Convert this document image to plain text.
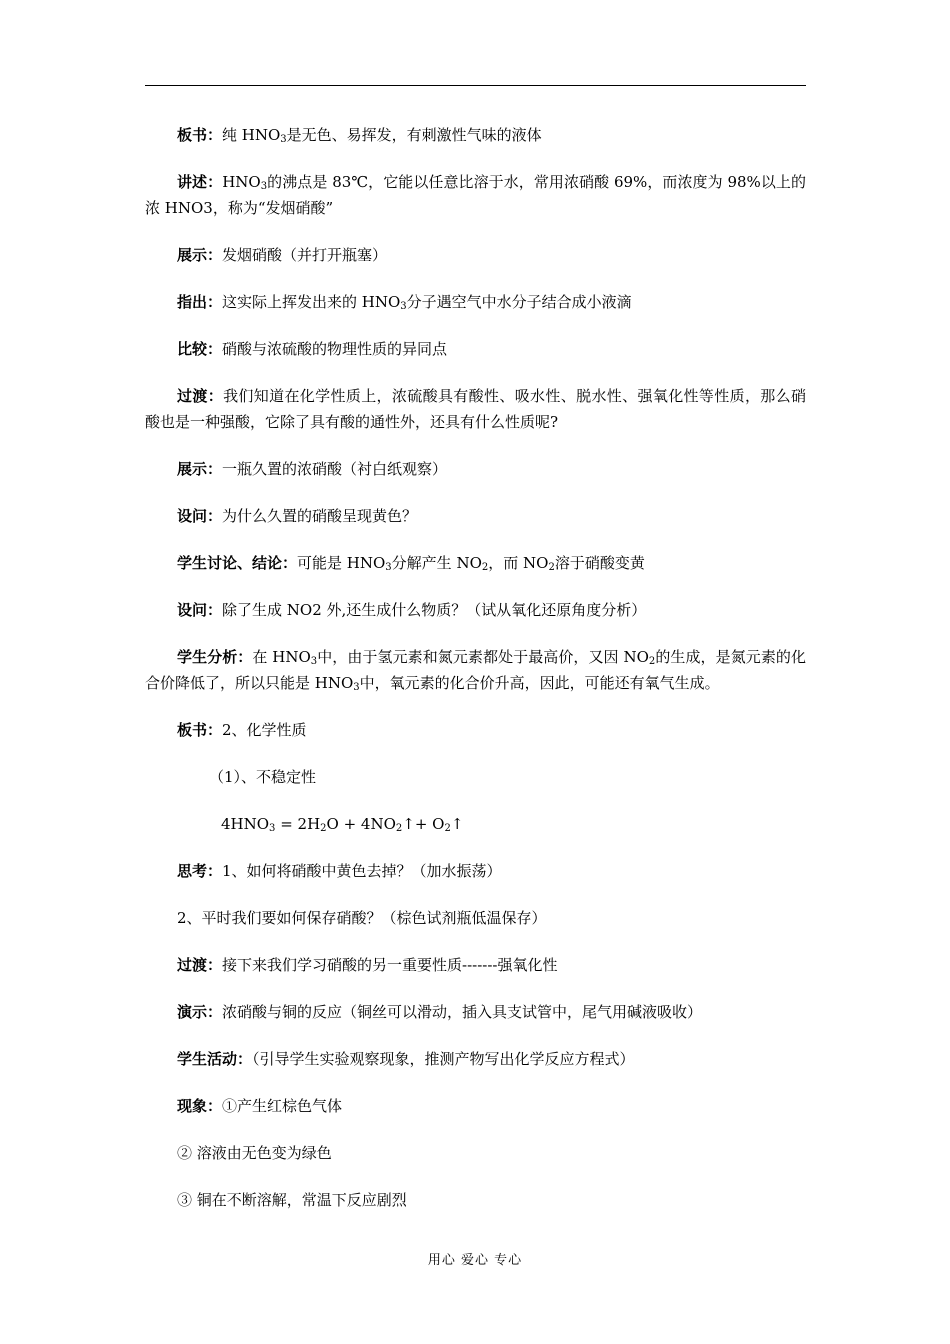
板书：纯 $HNO_3$是无色、易挥发，有刺激性气味的液体

讲述：$HNO_3$的沸点是 83℃，它能以任意比溶于水，常用浓硝酸 69%，而浓度为 98%以上的浓 HNO3，称为“发烟硝酸”

展示：发烟硝酸（并打开瓶塞）

指出：这实际上挥发出来的 $HNO_3$分子遇空气中水分子结合成小液滴

比较：硝酸与浓硫酸的物理性质的异同点

过渡：我们知道在化学性质上，浓硫酸具有酸性、吸水性、脱水性、强氧化性等性质，那么硝酸也是一种强酸，它除了具有酸的通性外，还具有什么性质呢?

展示：一瓶久置的浓硝酸（衬白纸观察）

设问：为什么久置的硝酸呈现黄色？

学生讨论、结论：可能是 $HNO_3$分解产生 $NO_2$，而 $NO_2$溶于硝酸变黄

设问：除了生成 NO2 外,还生成什么物质？（试从氧化还原角度分析）

学生分析：在 $HNO_3$中，由于氢元素和氮元素都处于最高价，又因 $NO_2$的生成，是氮元素的化合价降低了，所以只能是 $HNO_3$中，氧元素的化合价升高，因此，可能还有氧气生成。

板书：2、化学性质

（1）、不稳定性

$4HNO_3 = 2H_2O$ + $4NO_2↑+$ $O_2↑$

思考：1、如何将硝酸中黄色去掉？（加水振荡）

2、平时我们要如何保存硝酸？（棕色试剂瓶低温保存）

过渡：接下来我们学习硝酸的另一重要性质-------强氧化性

演示：浓硝酸与铜的反应（铜丝可以滑动，插入具支试管中，尾气用碱液吸收）

学生活动：（引导学生实验观察现象，推测产物写出化学反应方程式）

现象：①产生红棕色气体

② 溶液由无色变为绿色

③ 铜在不断溶解，常温下反应剧烈

用心 爱心 专心
